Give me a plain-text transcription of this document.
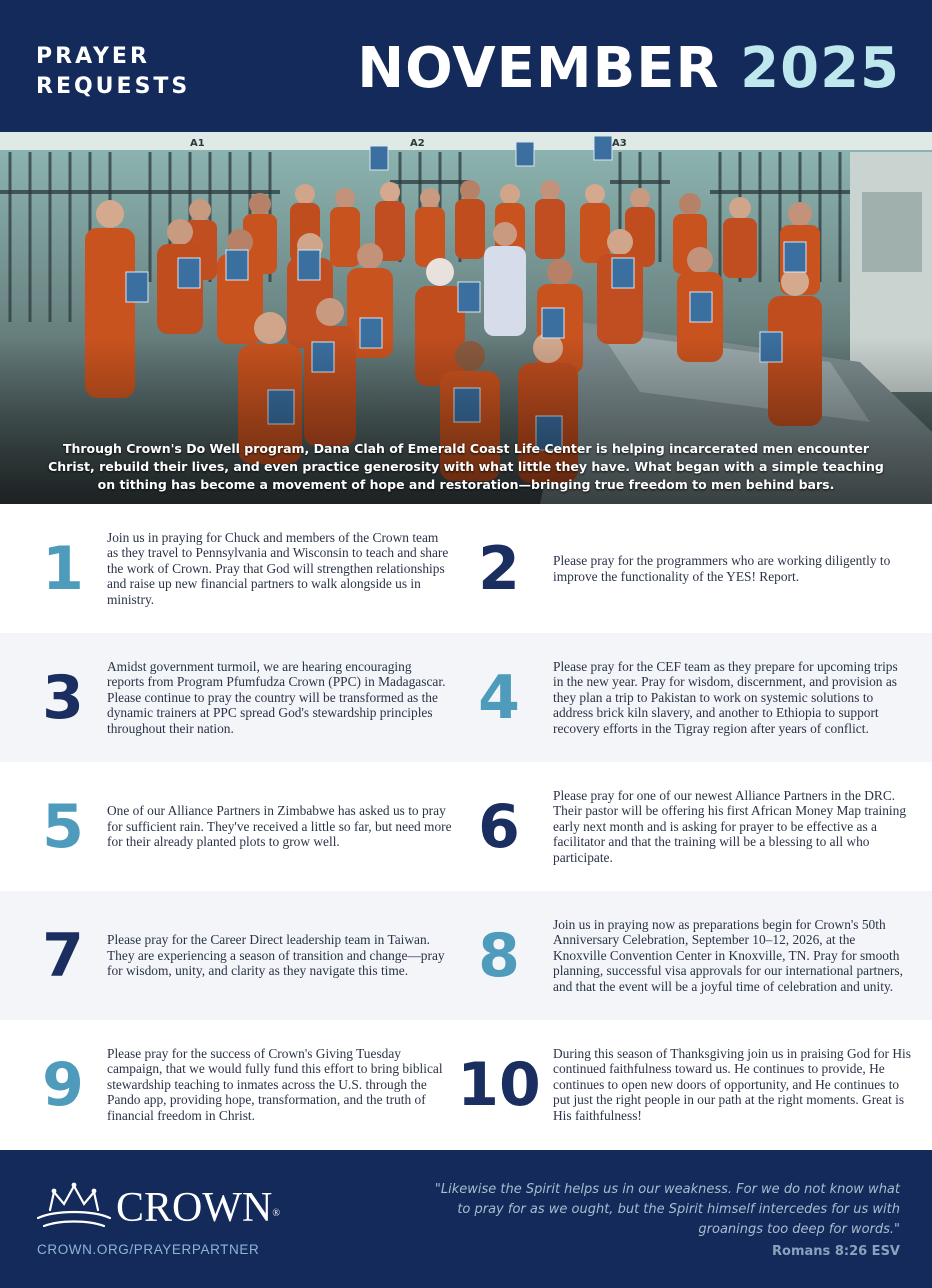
PRAYER
REQUESTS	NOVEMBER 2025
A1	A2	A3

Through Crown's Do Well program, Dana Clah of Emerald Coast Life Center is helping incarcerated men encounter Christ, rebuild their lives, and even practice generosity with what little they have. What began with a simple teaching on tithing has become a movement of hope and restoration—bringing true freedom to men behind bars.

1	Join us in praying for Chuck and members of the Crown team as they travel to Pennsylvania and Wisconsin to teach and share the work of Crown. Pray that God will strengthen relationships and raise up new financial partners to walk alongside us in ministry.	2	Please pray for the programmers who are working diligently to improve the functionality of the YES! Report.

3	Amidst government turmoil, we are hearing encouraging reports from Program Pfumfudza Crown (PPC) in Madagascar. Please continue to pray the country will be transformed as the dynamic trainers at PPC spread God's stewardship principles throughout their nation.	4	Please pray for the CEF team as they prepare for upcoming trips in the new year. Pray for wisdom, discernment, and provision as they plan a trip to Pakistan to work on systemic solutions to address brick kiln slavery, and another to Ethiopia to support recovery efforts in the Tigray region after years of conflict.

5	One of our Alliance Partners in Zimbabwe has asked us to pray for sufficient rain. They've received a little so far, but need more for their already planted plots to grow well.	6	Please pray for one of our newest Alliance Partners in the DRC. Their pastor will be offering his first African Money Map training early next month and is asking for prayer to be effective as a facilitator and that the training will be a blessing to all who participate.

7	Please pray for the Career Direct leadership team in Taiwan. They are experiencing a season of transition and change—pray for wisdom, unity, and clarity as they navigate this time.	8	Join us in praying now as preparations begin for Crown's 50th Anniversary Celebration, September 10–12, 2026, at the Knoxville Convention Center in Knoxville, TN. Pray for smooth planning, successful visa approvals for our international partners, and that the event will be a joyful time of celebration and unity.

9	Please pray for the success of Crown's Giving Tuesday campaign, that we would fully fund this effort to bring biblical stewardship teaching to inmates across the U.S. through the Pando app, providing hope, transformation, and the truth of financial freedom in Christ.	10 During this season of Thanksgiving join us in praising God for His continued faithfulness toward us. He continues to provide, He continues to open new doors of opportunity, and He continues to put just the right people in our path at the right moments. Great is His faithfulness!

CROWN®
CROWN.ORG/PRAYERPARTNER

"Likewise the Spirit helps us in our weakness. For we do not know what to pray for as we ought, but the Spirit himself intercedes for us with groanings too deep for words."

Romans 8:26 ESV
